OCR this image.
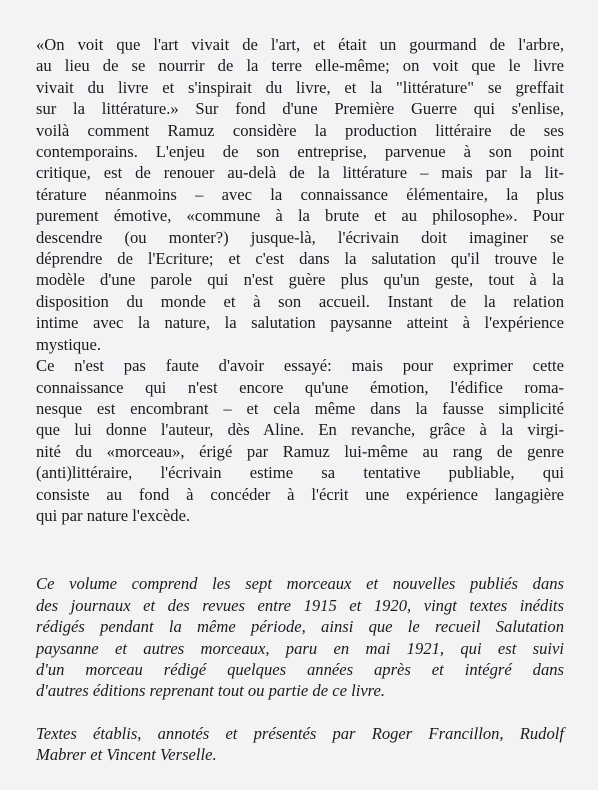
«On voit que l'art vivait de l'art, et était un gourmand de l'arbre,
au lieu de se nourrir de la terre elle-même; on voit que le livre
vivait du livre et s'inspirait du livre, et la "littérature" se greffait
sur la littérature.» Sur fond d'une Première Guerre qui s'enlise,
voilà comment Ramuz considère la production littéraire de ses
contemporains. L'enjeu de son entreprise, parvenue à son point
critique, est de renouer au-delà de la littérature – mais par la lit-
térature néanmoins – avec la connaissance élémentaire, la plus
purement émotive, «commune à la brute et au philosophe». Pour
descendre (ou monter?) jusque-là, l'écrivain doit imaginer se
déprendre de l'Ecriture; et c'est dans la salutation qu'il trouve le
modèle d'une parole qui n'est guère plus qu'un geste, tout à la
disposition du monde et à son accueil. Instant de la relation
intime avec la nature, la salutation paysanne atteint à l'expérience
mystique.
Ce n'est pas faute d'avoir essayé: mais pour exprimer cette
connaissance qui n'est encore qu'une émotion, l'édifice roma-
nesque est encombrant – et cela même dans la fausse simplicité
que lui donne l'auteur, dès Aline. En revanche, grâce à la virgi-
nité du «morceau», érigé par Ramuz lui-même au rang de genre
(anti)littéraire, l'écrivain estime sa tentative publiable, qui
consiste au fond à concéder à l'écrit une expérience langagière
qui par nature l'excède.
Ce volume comprend les sept morceaux et nouvelles publiés dans
des journaux et des revues entre 1915 et 1920, vingt textes inédits
rédigés pendant la même période, ainsi que le recueil Salutation
paysanne et autres morceaux, paru en mai 1921, qui est suivi
d'un morceau rédigé quelques années après et intégré dans
d'autres éditions reprenant tout ou partie de ce livre.
Textes établis, annotés et présentés par Roger Francillon, Rudolf
Mabrer et Vincent Verselle.
